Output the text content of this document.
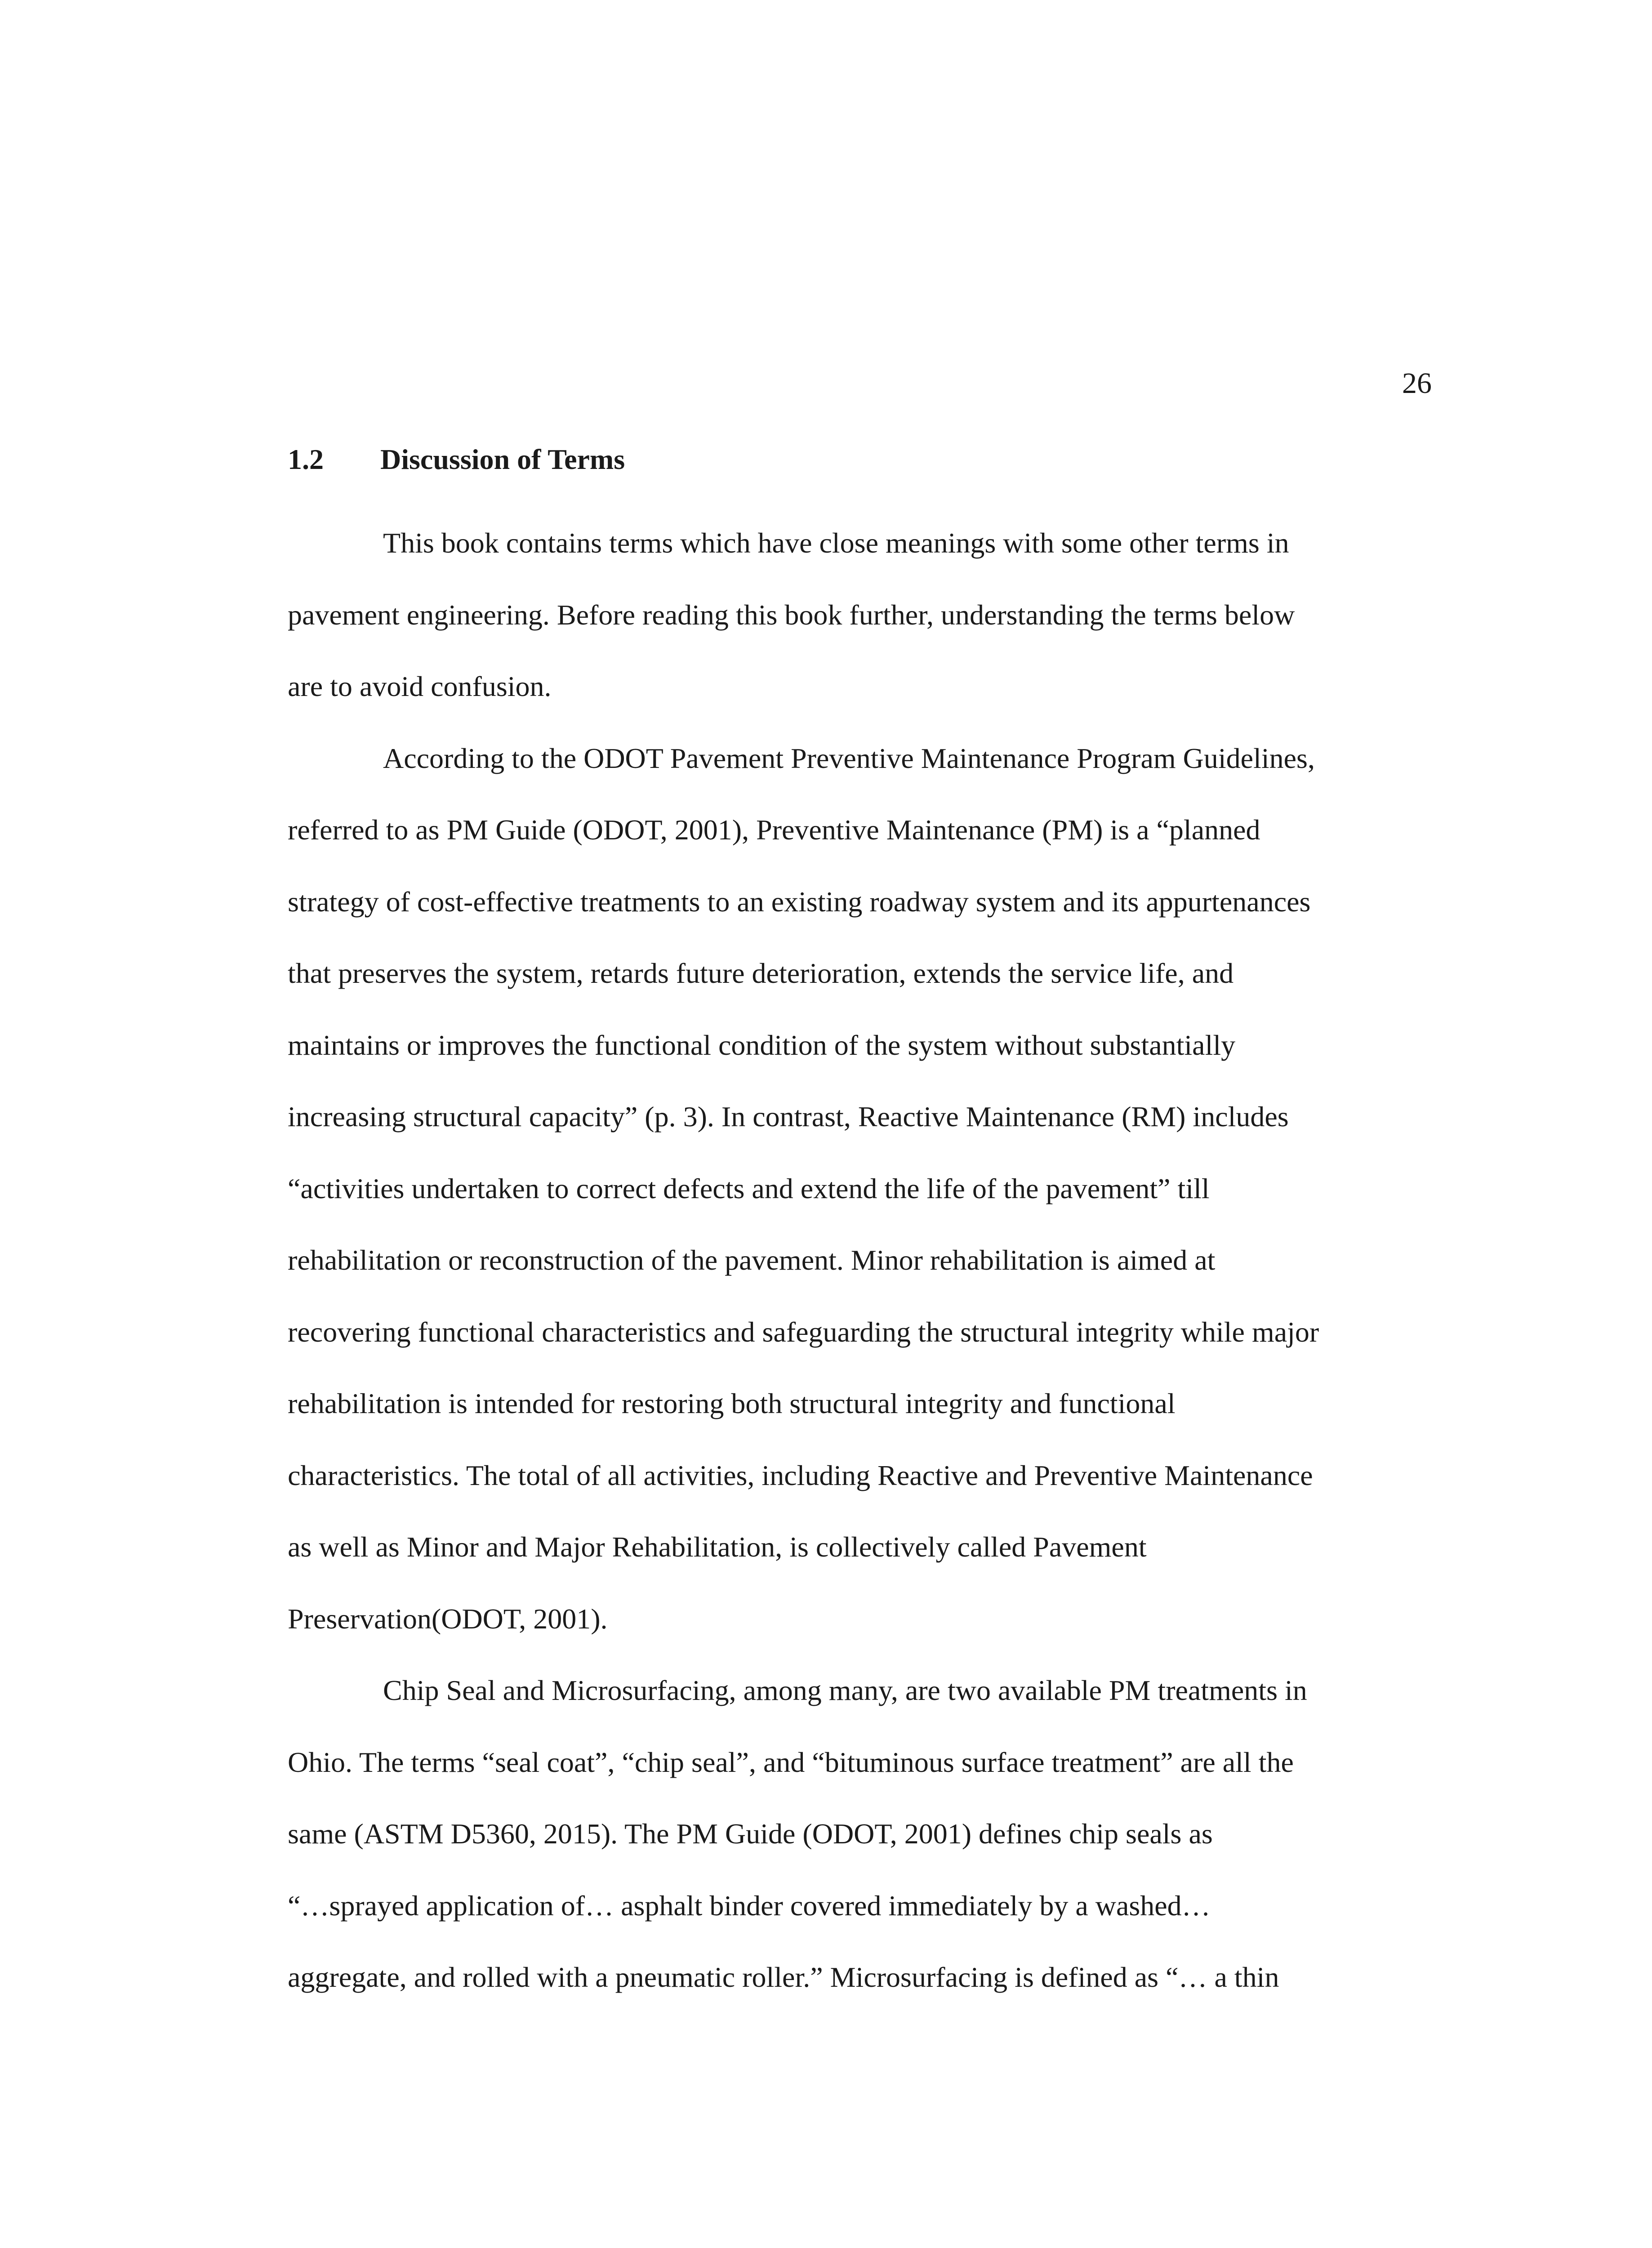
26
1.2 Discussion of Terms
This book contains terms which have close meanings with some other terms in
pavement engineering. Before reading this book further, understanding the terms below
are to avoid confusion.
According to the ODOT Pavement Preventive Maintenance Program Guidelines,
referred to as PM Guide (ODOT, 2001), Preventive Maintenance (PM) is a “planned
strategy of cost-effective treatments to an existing roadway system and its appurtenances
that preserves the system, retards future deterioration, extends the service life, and
maintains or improves the functional condition of the system without substantially
increasing structural capacity” (p. 3). In contrast, Reactive Maintenance (RM) includes
“activities undertaken to correct defects and extend the life of the pavement” till
rehabilitation or reconstruction of the pavement. Minor rehabilitation is aimed at
recovering functional characteristics and safeguarding the structural integrity while major
rehabilitation is intended for restoring both structural integrity and functional
characteristics. The total of all activities, including Reactive and Preventive Maintenance
as well as Minor and Major Rehabilitation, is collectively called Pavement
Preservation(ODOT, 2001).
Chip Seal and Microsurfacing, among many, are two available PM treatments in
Ohio. The terms “seal coat”, “chip seal”, and “bituminous surface treatment” are all the
same (ASTM D5360, 2015). The PM Guide (ODOT, 2001) defines chip seals as
“…sprayed application of… asphalt binder covered immediately by a washed…
aggregate, and rolled with a pneumatic roller.” Microsurfacing is defined as “… a thin
